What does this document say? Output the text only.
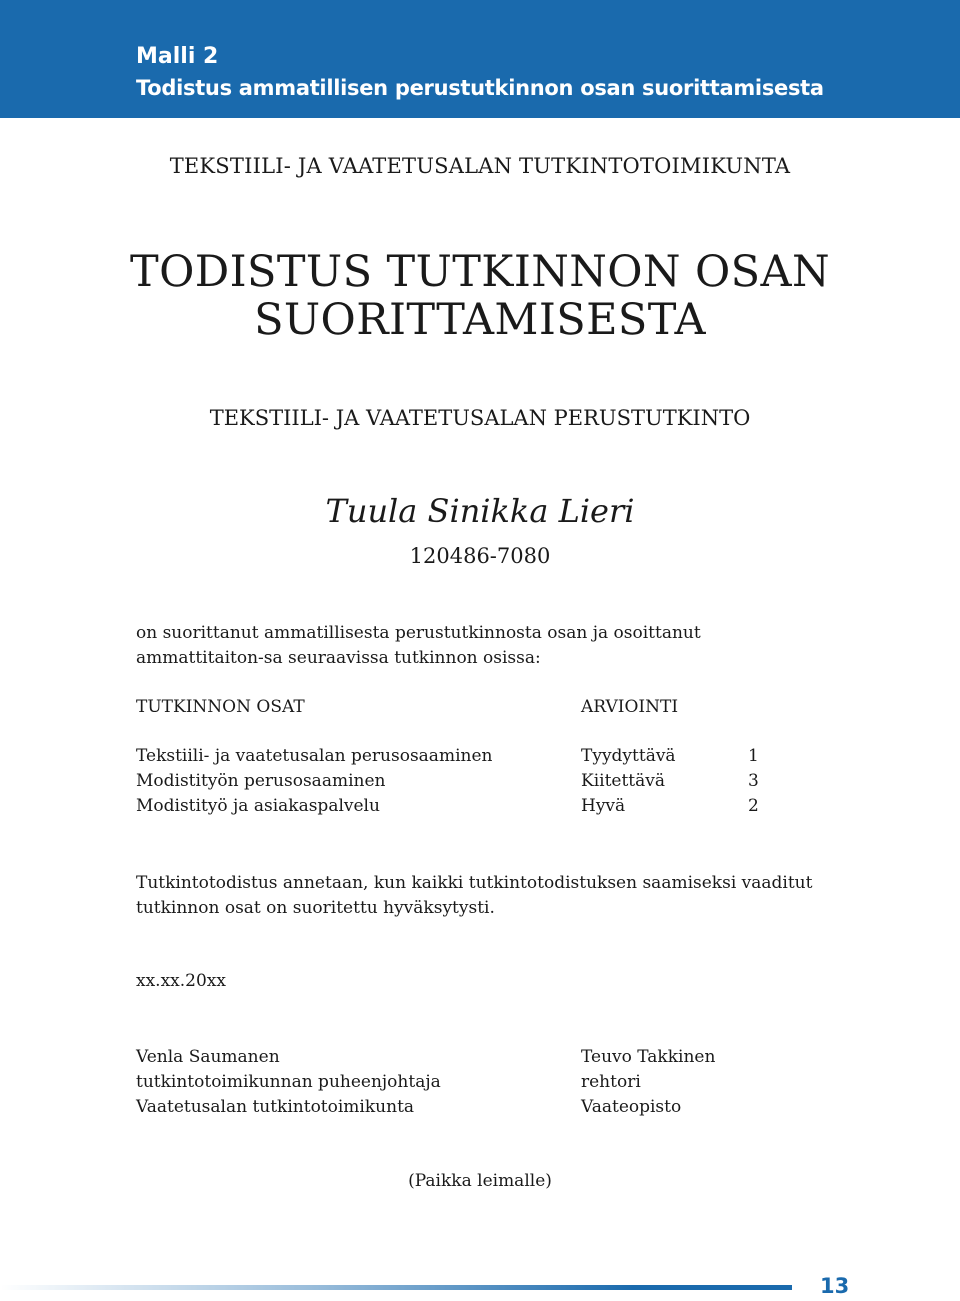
Malli 2
Todistus ammatillisen perustutkinnon osan suorittamisesta
TEKSTIILI- JA VAATETUSALAN TUTKINTOTOIMIKUNTA
TODISTUS TUTKINNON OSAN
SUORITTAMISESTA
TEKSTIILI- JA VAATETUSALAN PERUSTUTKINTO
Tuula Sinikka Lieri
120486-7080
on suorittanut ammatillisesta perustutkinnosta osan ja osoittanut ammattitaiton-sa seuraavissa tutkinnon osissa:
TUTKINNON OSAT	ARVIOINTI
Tekstiili- ja vaatetusalan perusosaaminen	Tyydyttävä	1
Modistityön perusosaaminen	Kiitettävä	3
Modistityö ja asiakaspalvelu	Hyvä	2
Tutkintotodistus annetaan, kun kaikki tutkintotodistuksen saamiseksi vaaditut tutkinnon osat on suoritettu hyväksytysti.
xx.xx.20xx
Venla Saumanen
tutkintotoimikunnan puheenjohtaja
Vaatetusalan tutkintotoimikunta
Teuvo Takkinen
rehtori
Vaateopisto
(Paikka leimalle)
13
